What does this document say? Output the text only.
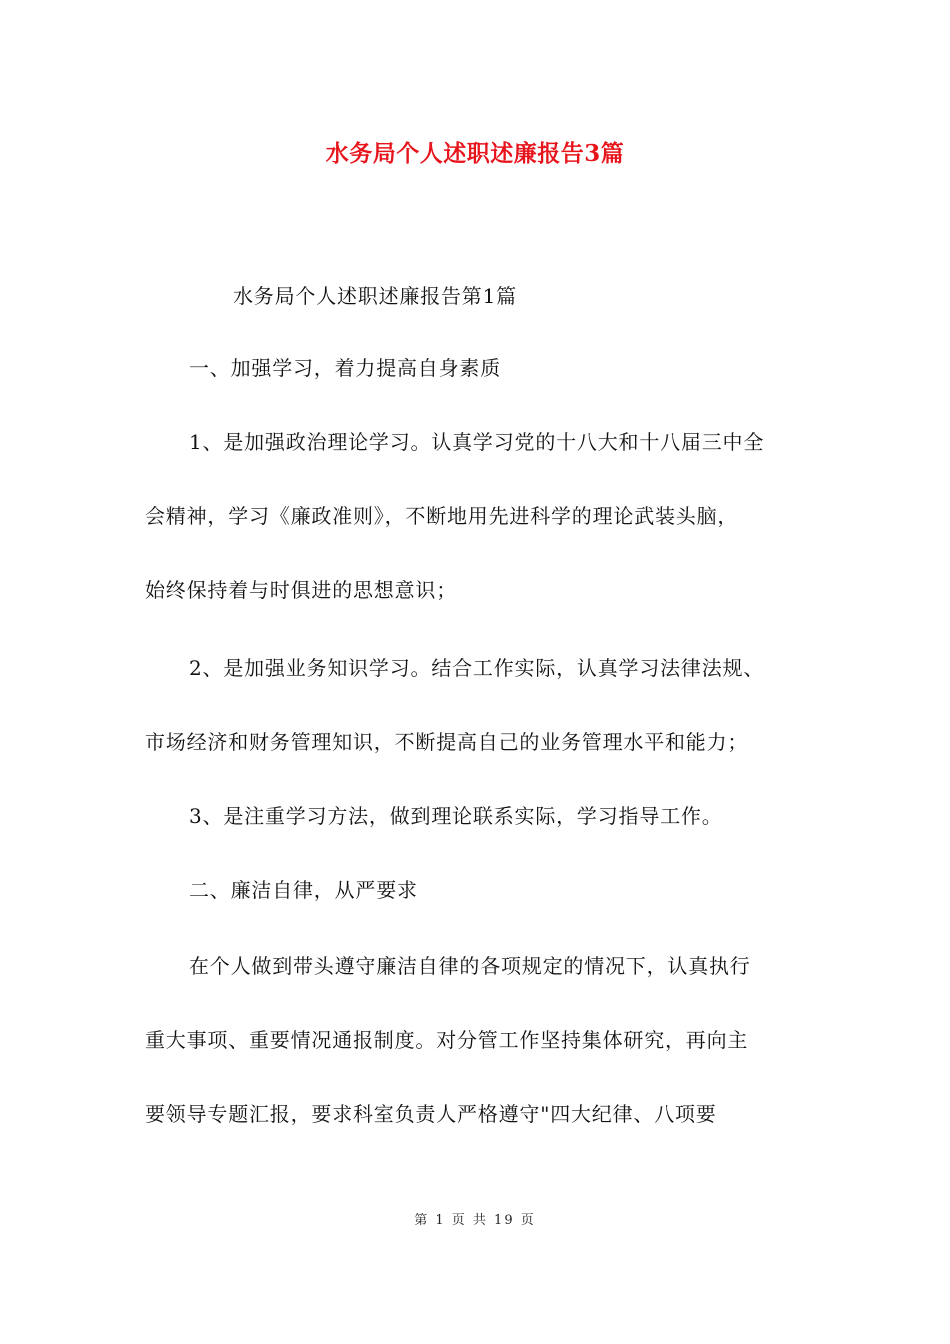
水务局个人述职述廉报告3篇
水务局个人述职述廉报告第1篇
一、加强学习，着力提高自身素质
1、是加强政治理论学习。认真学习党的十八大和十八届三中全
会精神，学习《廉政准则》，不断地用先进科学的理论武装头脑，
始终保持着与时俱进的思想意识；
2、是加强业务知识学习。结合工作实际，认真学习法律法规、
市场经济和财务管理知识，不断提高自己的业务管理水平和能力；
3、是注重学习方法，做到理论联系实际，学习指导工作。
二、廉洁自律，从严要求
在个人做到带头遵守廉洁自律的各项规定的情况下，认真执行
重大事项、重要情况通报制度。对分管工作坚持集体研究，再向主
要领导专题汇报，要求科室负责人严格遵守"四大纪律、八项要
第 1 页 共 19 页
